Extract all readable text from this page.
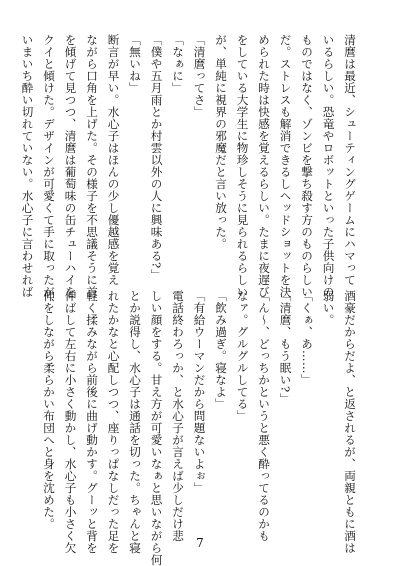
清麿は最近、シューティングゲームにハマって
いるらしい。恐竜やロボットといった子供向けの
ものではなく、ゾンビを撃ち殺す方のものらしい
だ。ストレスも解消できるしヘッドショットを決
められた時は快感を覚えるらしい。たまに夜遅び
をしている大学生に物珍しそうに見られるらしい
が、単純に視界の邪魔だと言い放った。
「清麿ってさ」
「なぁに」
「僕や五月雨とか村雲以外の人に興味ある?」
「無いね」
断言が早い。水心子はほんの少し優越感を覚え
ながら口角を上げた。その様子を不思議そうに首
を傾げて見つつ、清麿は葡萄味の缶チューハイを
クイと傾けた。デザインが可愛くて手に取ったが、
いまいち酔い切れていない。水心子に言わせれば
酒豪だからだよ、と返されるが、両親ともに酒は
弱い。
「くぁ、あ……」
「清麿、もう眠い?」
「ん〜、どっちかというと悪く酔ってるのかも
なァ。グルグルしてる」
「飲み過ぎ。寝なよ」
「有給ウーマンだから問題ないよぉ」
電話終わろっか、と水心子が言えば少しだけ悲
しい顔をする。甘え方が可愛いなぁと思いながら何
とか説得し、水心子は通話を切った。ちゃんと寝
れたかなと心配しつつ、座りっぱなしだった足を
軽く揉みながら前後に曲げ動かす。グーッと背を
伸ばして左右に小さく動かし、水心子も小さく欠
伸をしながら柔らかい布団へと身を沈めた。
7
